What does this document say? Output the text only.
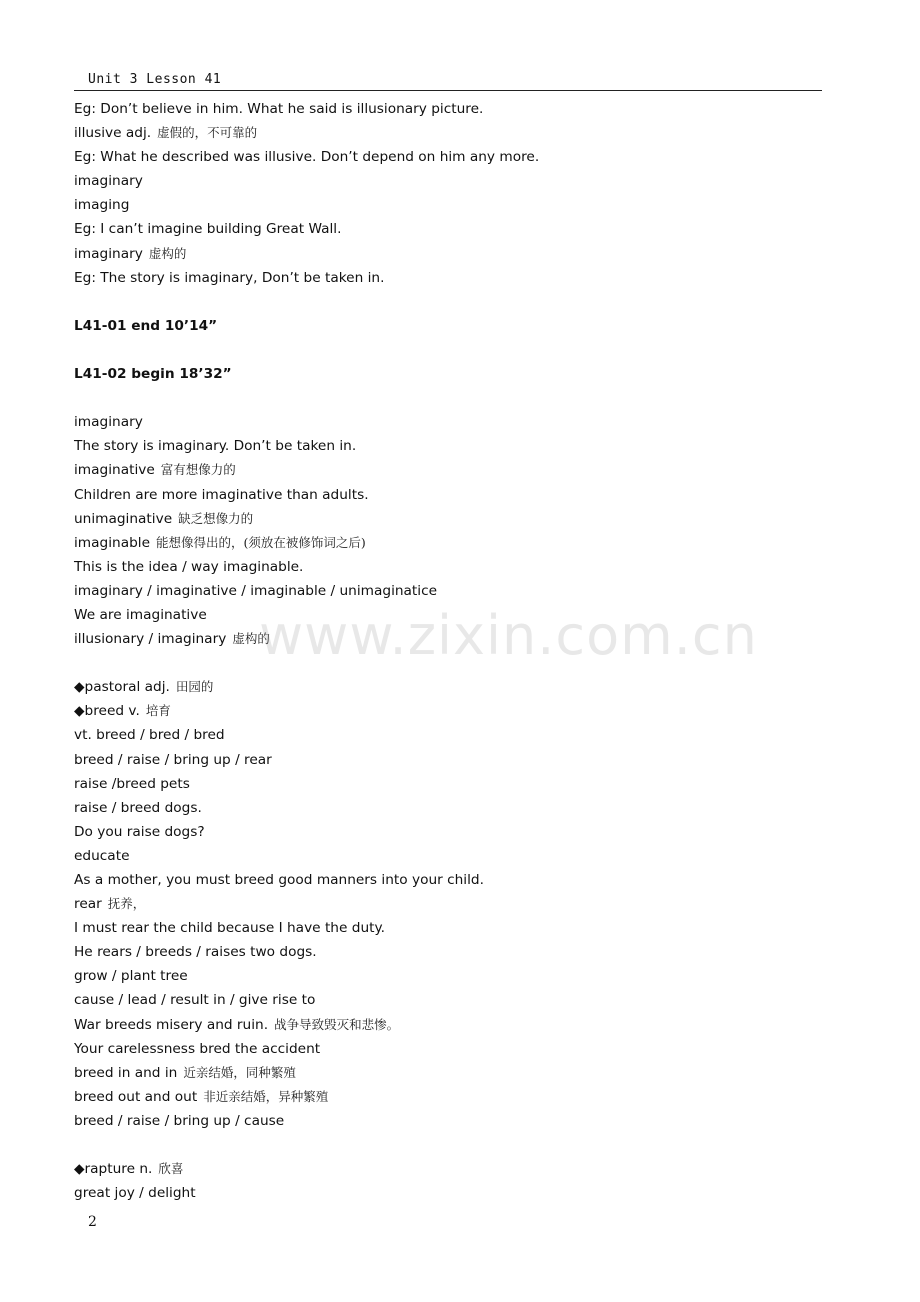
Unit 3 Lesson 41
Eg: Don’t believe in him. What he said is illusionary picture.
illusive adj. 虚假的，不可靠的
Eg: What he described was illusive. Don’t depend on him any more.
imaginary
imaging
Eg: I can’t imagine building Great Wall.
imaginary 虚构的
Eg: The story is imaginary, Don’t be taken in.
L41-01 end 10’14”
L41-02 begin 18’32”
imaginary
The story is imaginary. Don’t be taken in.
imaginative 富有想像力的
Children are more imaginative than adults.
unimaginative 缺乏想像力的
imaginable 能想像得出的，(须放在被修饰词之后)
This is the idea / way imaginable.
imaginary / imaginative / imaginable / unimaginatice
We are imaginative
illusionary / imaginary 虚构的
◆pastoral adj. 田园的
◆breed v. 培育
vt. breed / bred / bred
breed / raise / bring up / rear
raise /breed pets
raise / breed dogs.
Do you raise dogs?
educate
As a mother, you must breed good manners into your child.
rear 抚养，
I must rear the child because I have the duty.
He rears / breeds / raises two dogs.
grow / plant tree
cause / lead / result in / give rise to
War breeds misery and ruin. 战争导致毁灭和悲惨。
Your carelessness bred the accident
breed in and in 近亲结婚，同种繁殖
breed out and out 非近亲结婚，异种繁殖
breed / raise / bring up / cause
◆rapture n. 欣喜
great joy / delight
www.zixin.com.cn
2
